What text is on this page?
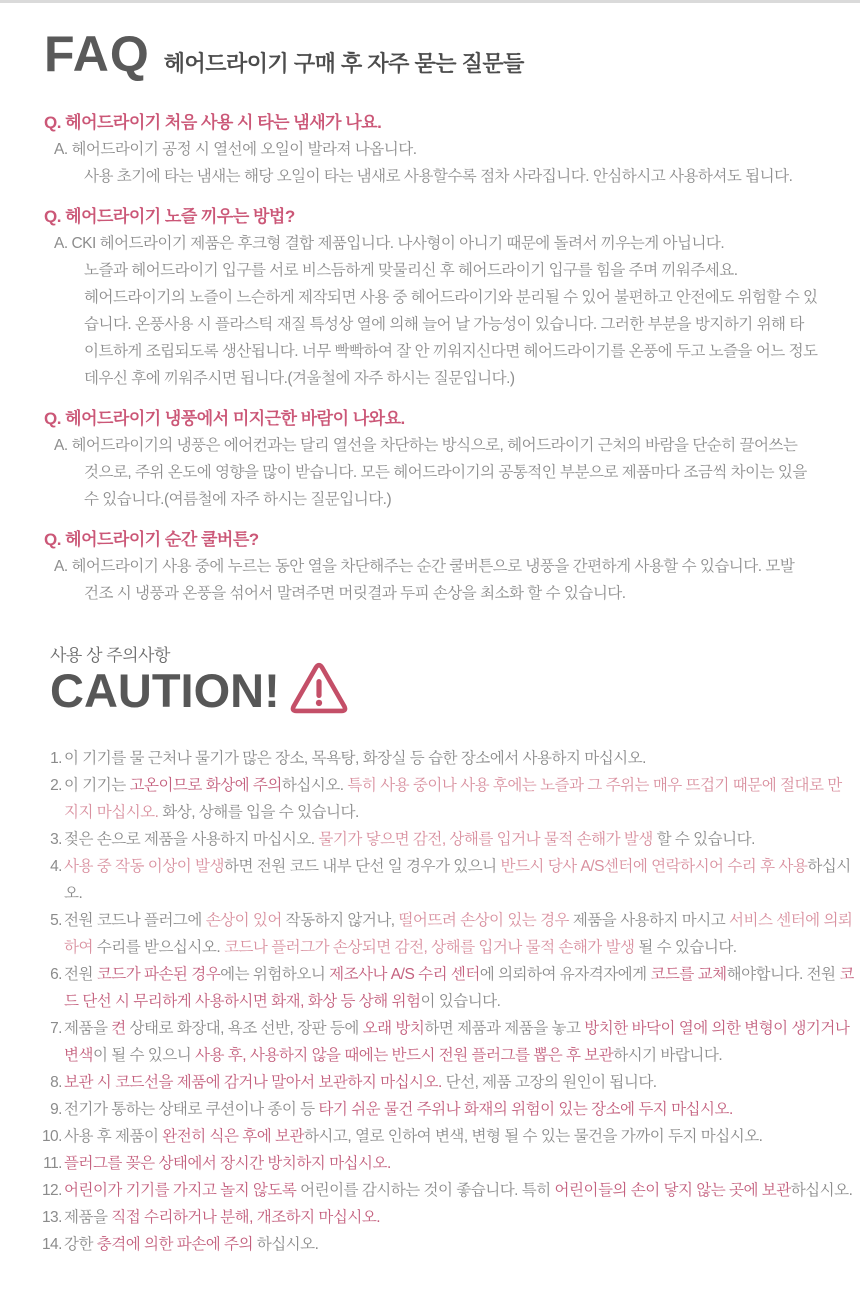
FAQ 헤어드라이기 구매 후 자주 묻는 질문들
Q. 헤어드라이기 처음 사용 시 타는 냄새가 나요.
A. 헤어드라이기 공정 시 열선에 오일이 발라져 나옵니다.
사용 초기에 타는 냄새는 해당 오일이 타는 냄새로 사용할수록 점차 사라집니다. 안심하시고 사용하셔도 됩니다.
Q. 헤어드라이기 노즐 끼우는 방법?
A. CKI 헤어드라이기 제품은 후크형 결합 제품입니다. 나사형이 아니기 때문에 돌려서 끼우는게 아닙니다.
노즐과 헤어드라이기 입구를 서로 비스듬하게 맞물리신 후 헤어드라이기 입구를 힘을 주며 끼워주세요.
헤어드라이기의 노즐이 느슨하게 제작되면 사용 중 헤어드라이기와 분리될 수 있어 불편하고 안전에도 위험할 수 있
습니다. 온풍사용 시 플라스틱 재질 특성상 열에 의해 늘어 날 가능성이 있습니다. 그러한 부분을 방지하기 위해 타
이트하게 조립되도록 생산됩니다. 너무 빡빡하여 잘 안 끼워지신다면 헤어드라이기를 온풍에 두고 노즐을 어느 정도
데우신 후에 끼워주시면 됩니다.(겨울철에 자주 하시는 질문입니다.)
Q. 헤어드라이기 냉풍에서 미지근한 바람이 나와요.
A. 헤어드라이기의 냉풍은 에어컨과는 달리 열선을 차단하는 방식으로, 헤어드라이기 근처의 바람을 단순히 끌어쓰는
것으로, 주위 온도에 영향을 많이 받습니다. 모든 헤어드라이기의 공통적인 부분으로 제품마다 조금씩 차이는 있을
수 있습니다.(여름철에 자주 하시는 질문입니다.)
Q. 헤어드라이기 순간 쿨버튼?
A. 헤어드라이기 사용 중에 누르는 동안 열을 차단해주는 순간 쿨버튼으로 냉풍을 간편하게 사용할 수 있습니다. 모발
건조 시 냉풍과 온풍을 섞어서 말려주면 머릿결과 두피 손상을 최소화 할 수 있습니다.
사용 상 주의사항
CAUTION!
1. 이 기기를 물 근처나 물기가 많은 장소, 목욕탕, 화장실 등 습한 장소에서 사용하지 마십시오.
2. 이 기기는 고온이므로 화상에 주의하십시오. 특히 사용 중이나 사용 후에는 노즐과 그 주위는 매우 뜨겁기 때문에 절대로 만지지 마십시오. 화상, 상해를 입을 수 있습니다.
3. 젖은 손으로 제품을 사용하지 마십시오. 물기가 닿으면 감전, 상해를 입거나 물적 손해가 발생 할 수 있습니다.
4. 사용 중 작동 이상이 발생하면 전원 코드 내부 단선 일 경우가 있으니 반드시 당사 A/S센터에 연락하시어 수리 후 사용하십시오.
5. 전원 코드나 플러그에 손상이 있어 작동하지 않거나, 떨어뜨려 손상이 있는 경우 제품을 사용하지 마시고 서비스 센터에 의뢰하여 수리를 받으십시오. 코드나 플러그가 손상되면 감전, 상해를 입거나 물적 손해가 발생 될 수 있습니다.
6. 전원 코드가 파손된 경우에는 위험하오니 제조사나 A/S 수리 센터에 의뢰하여 유자격자에게 코드를 교체해야합니다. 전원 코드 단선 시 무리하게 사용하시면 화재, 화상 등 상해 위험이 있습니다.
7. 제품을 켠 상태로 화장대, 욕조 선반, 장판 등에 오래 방치하면 제품과 제품을 놓고 방치한 바닥이 열에 의한 변형이 생기거나 변색이 될 수 있으니 사용 후, 사용하지 않을 때에는 반드시 전원 플러그를 뽑은 후 보관하시기 바랍니다.
8. 보관 시 코드선을 제품에 감거나 말아서 보관하지 마십시오. 단선, 제품 고장의 원인이 됩니다.
9. 전기가 통하는 상태로 쿠션이나 종이 등 타기 쉬운 물건 주위나 화재의 위험이 있는 장소에 두지 마십시오.
10. 사용 후 제품이 완전히 식은 후에 보관하시고, 열로 인하여 변색, 변형 될 수 있는 물건을 가까이 두지 마십시오.
11. 플러그를 꽂은 상태에서 장시간 방치하지 마십시오.
12. 어린이가 기기를 가지고 놀지 않도록 어린이를 감시하는 것이 좋습니다. 특히 어린이들의 손이 닿지 않는 곳에 보관하십시오.
13. 제품을 직접 수리하거나 분해, 개조하지 마십시오.
14. 강한 충격에 의한 파손에 주의 하십시오.
